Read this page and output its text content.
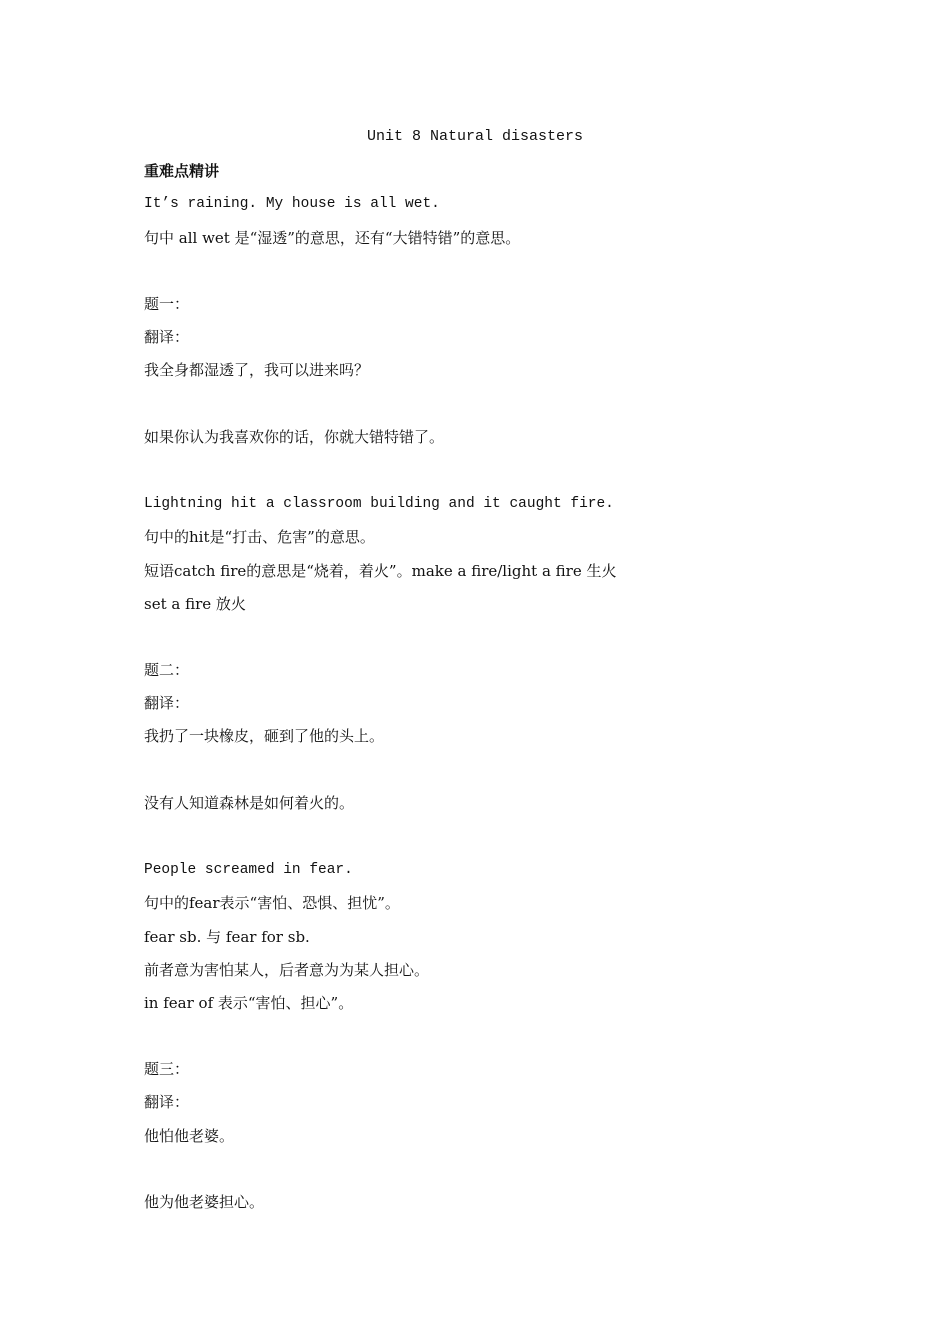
Unit 8 Natural disasters
重难点精讲
It’s raining. My house is all wet.
句中 all wet 是“湿透”的意思，还有“大错特错”的意思。
题一：
翻译：
我全身都湿透了，我可以进来吗？
如果你认为我喜欢你的话，你就大错特错了。
Lightning hit a classroom building and it caught fire.
句中的hit是“打击、危害”的意思。
短语catch fire的意思是“烧着，着火”。make a fire/light a fire 生火
set a fire 放火
题二：
翻译：
我扔了一块橡皮，砸到了他的头上。
没有人知道森林是如何着火的。
People screamed in fear.
句中的fear表示“害怕、恐惧、担忧”。
fear sb. 与 fear for sb.
前者意为害怕某人，后者意为为某人担心。
in fear of 表示“害怕、担心”。
题三：
翻译：
他怕他老婆。
他为他老婆担心。
